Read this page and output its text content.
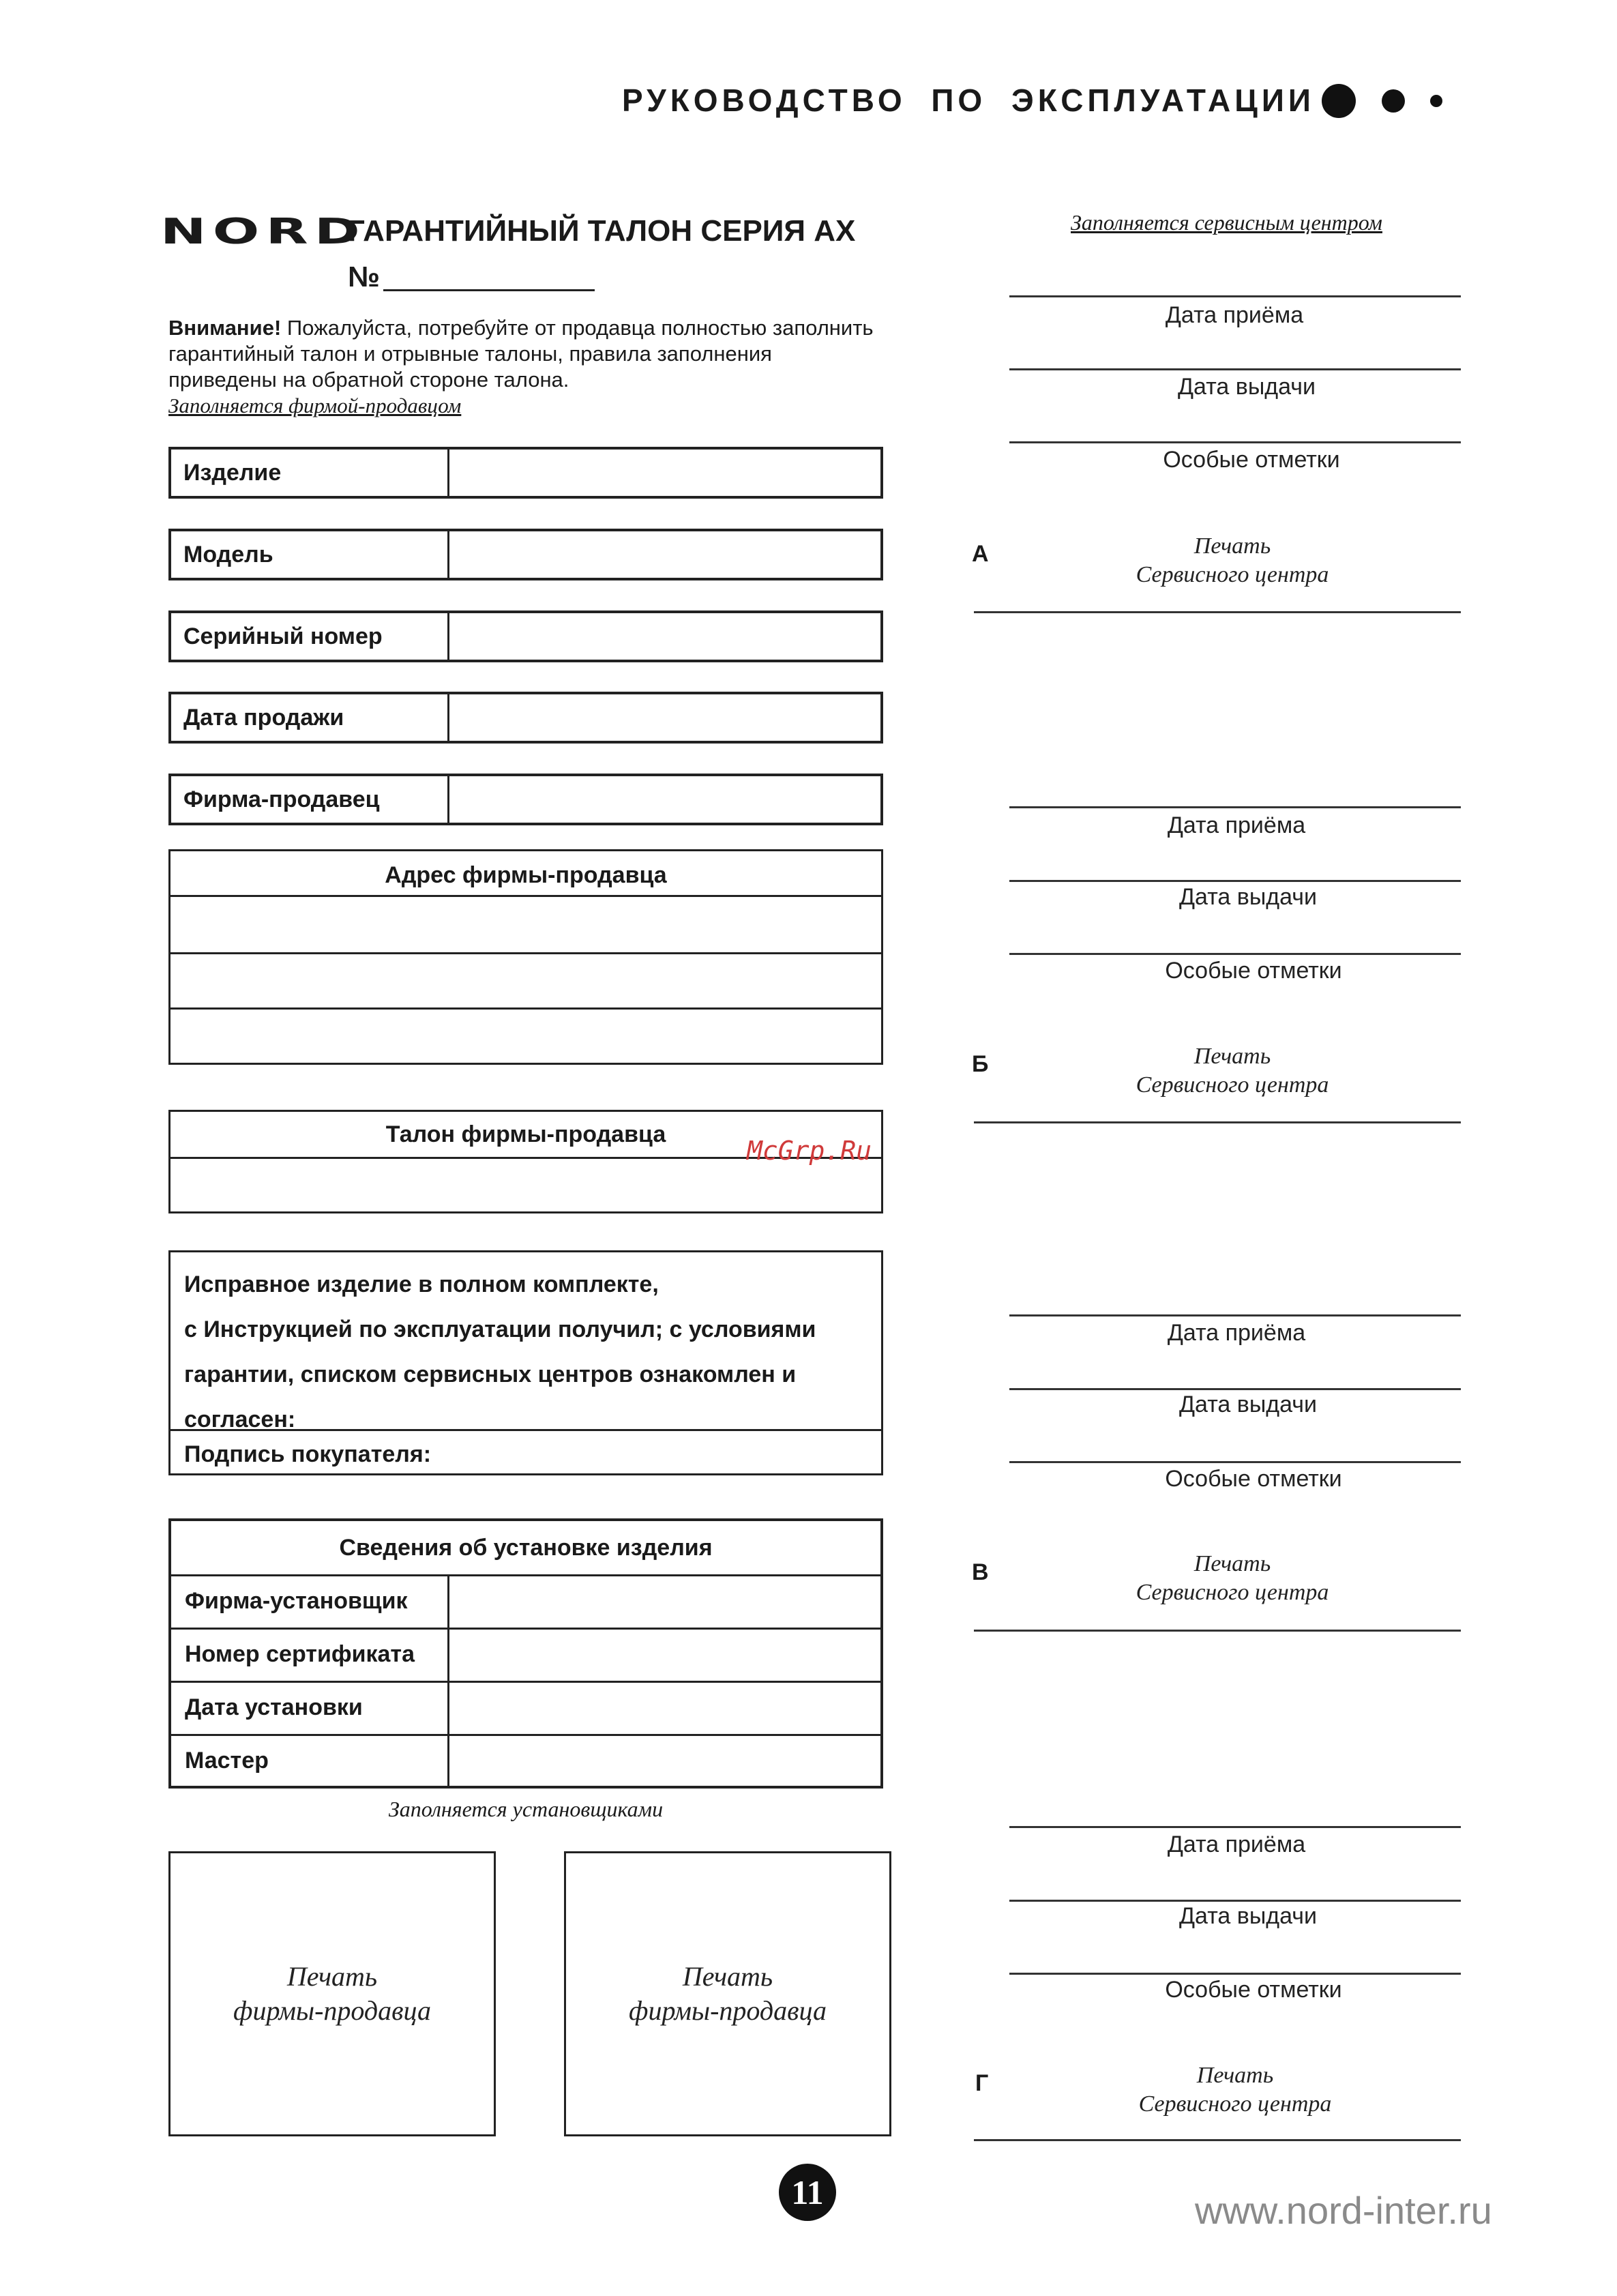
РУКОВОДСТВО ПО ЭКСПЛУАТАЦИИ
NORD
ГАРАНТИЙНЫЙ ТАЛОН СЕРИЯ АХ
№
Внимание! Пожалуйста, потребуйте от продавца полностью заполнить
гарантийный талон и отрывные талоны, правила заполнения
приведены на обратной стороне талона.
Заполняется фирмой-продавцом
Изделие
Модель
Серийный номер
Дата продажи
Фирма-продавец
Адрес фирмы-продавца
Талон фирмы-продавца
McGrp.Ru
Исправное изделие в полном комплекте,
с Инструкцией по эксплуатации получил; с условиями
гарантии, списком сервисных центров ознакомлен и
согласен:
Подпись покупателя:
Сведения об установке изделия
Фирма-установщик
Номер сертификата
Дата установки
Мастер
Заполняется установщиками
Печать
фирмы-продавца
Печать
фирмы-продавца
Заполняется сервисным центром
Дата приёма
Дата выдачи
Особые отметки
А	Печать
Сервисного центра
Дата приёма
Дата выдачи
Особые отметки
Б	Печать
Сервисного центра
Дата приёма
Дата выдачи
Особые отметки
В	Печать
Сервисного центра
Дата приёма
Дата выдачи
Особые отметки
Г	Печать
Сервисного центра
11	www.nord-inter.ru
